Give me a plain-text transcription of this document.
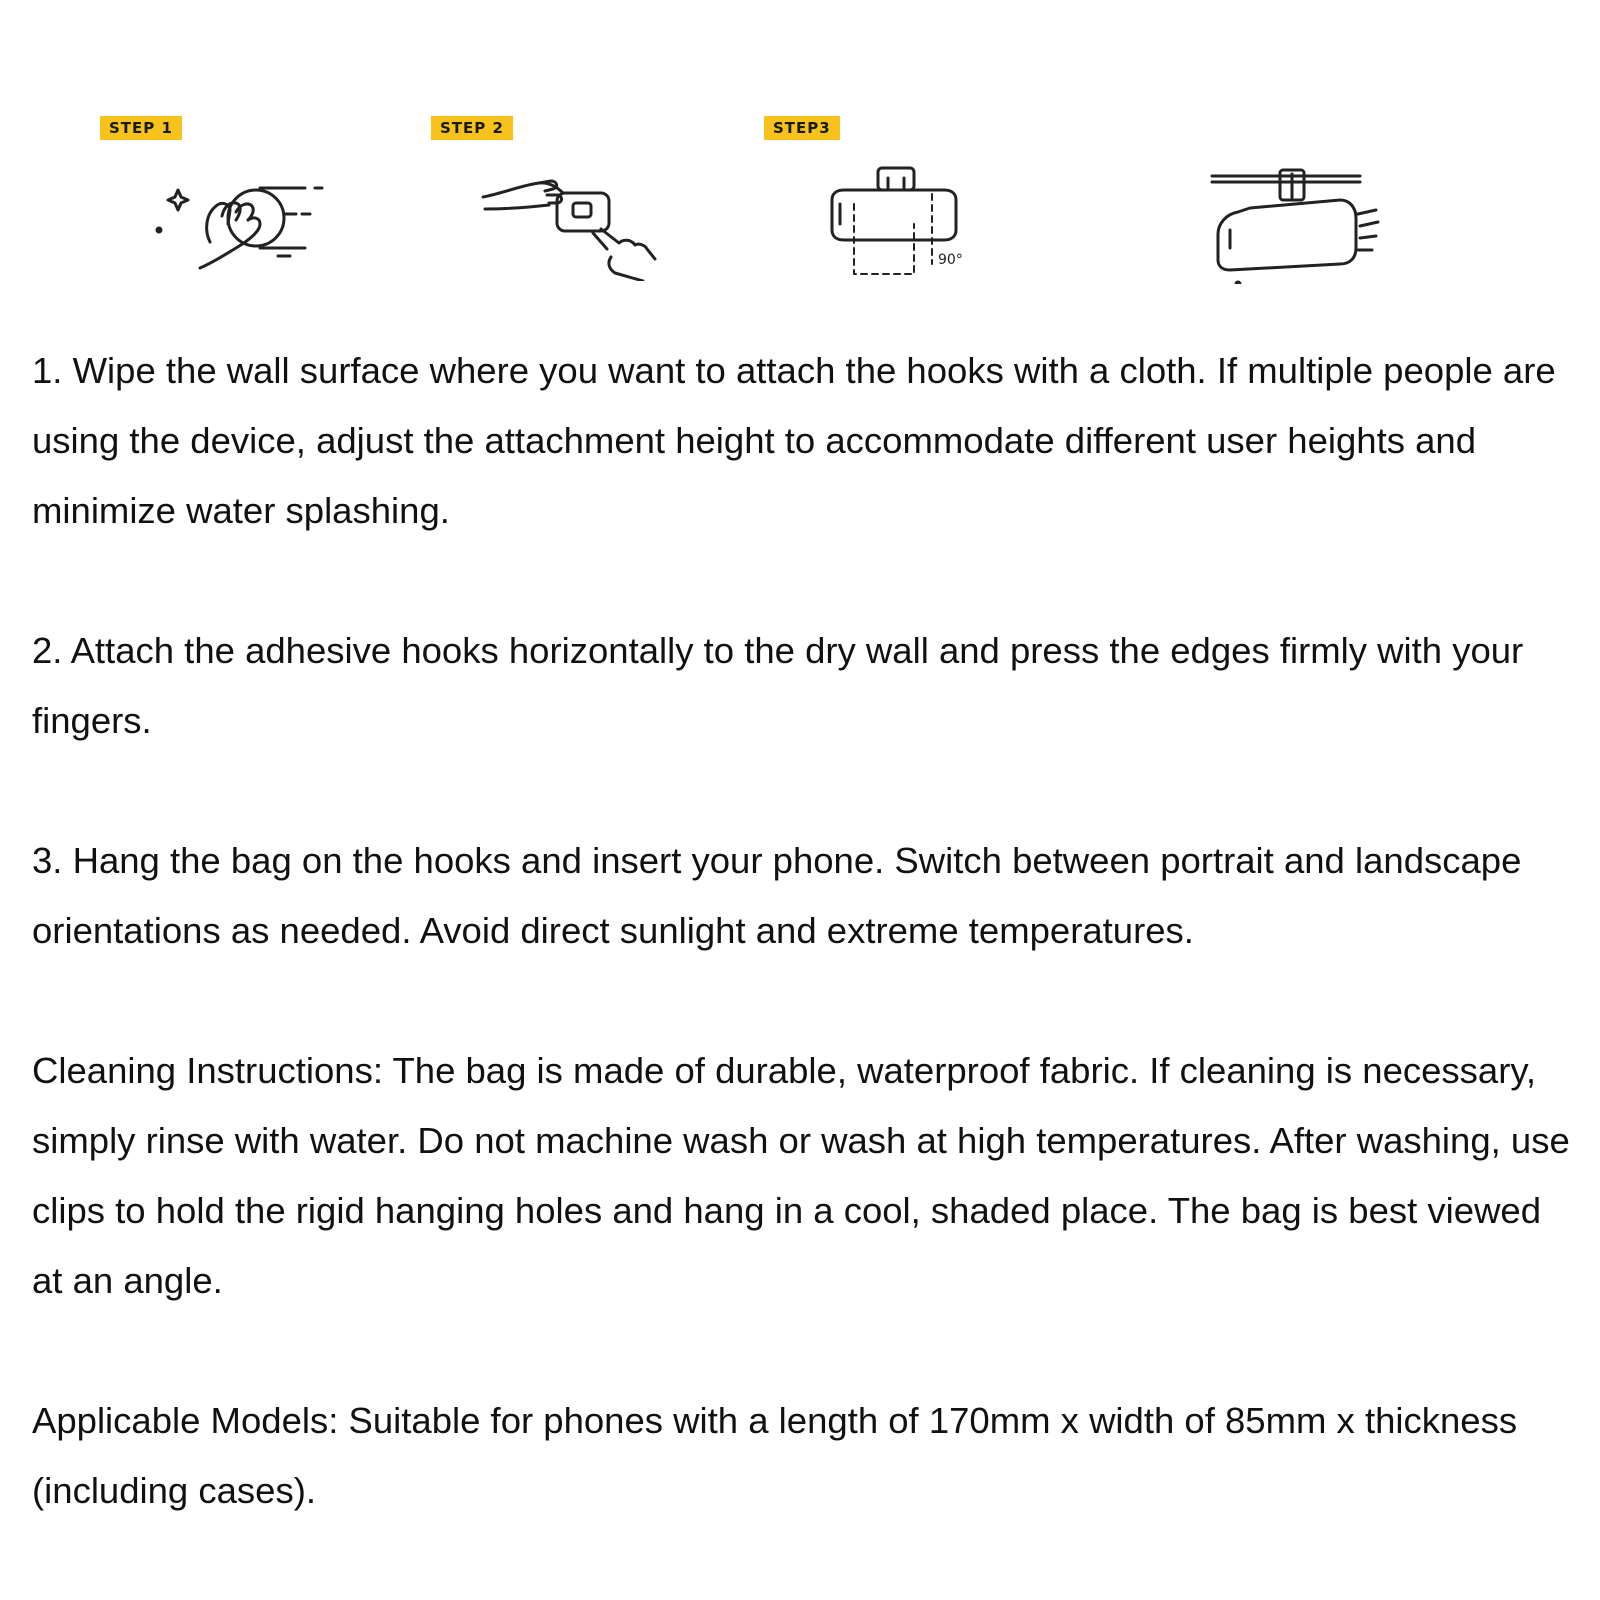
STEP 1	STEP 2	STEP3
90°

1. Wipe the wall surface where you want to attach the hooks with a cloth. If multiple people are using the device, adjust the attachment height to accommodate different user heights and minimize water splashing.

2. Attach the adhesive hooks horizontally to the dry wall and press the edges firmly with your fingers.

3. Hang the bag on the hooks and insert your phone. Switch between portrait and landscape orientations as needed. Avoid direct sunlight and extreme temperatures.

Cleaning Instructions: The bag is made of durable, waterproof fabric. If cleaning is necessary, simply rinse with water. Do not machine wash or wash at high temperatures. After washing, use clips to hold the rigid hanging holes and hang in a cool, shaded place. The bag is best viewed at an angle.

Applicable Models: Suitable for phones with a length of 170mm x width of 85mm x thickness (including cases).
